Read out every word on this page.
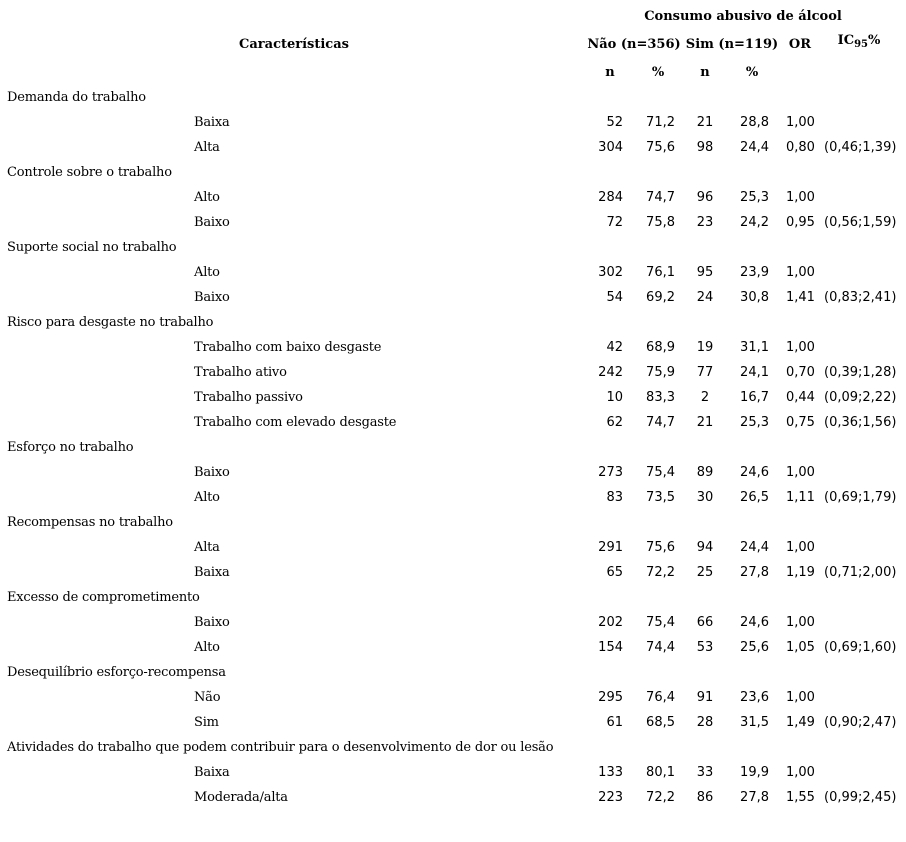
Consumo abusivo de álcool
Características	Não (n=356) Sim (n=119) OR $IC_{95}\%$
n	%	n	%
Demanda do trabalho
Baixa	52 71,2 21 28,8 1,00
Alta	304 75,6 98 24,4 0,80 (0,46;1,39)
Controle sobre o trabalho
Alto	284 74,7 96 25,3 1,00
Baixo	72 75,8 23 24,2 0,95 (0,56;1,59)
Suporte social no trabalho
Alto	302 76,1 95 23,9 1,00
Baixo	54 69,2 24 30,8 1,41 (0,83;2,41)
Risco para desgaste no trabalho
Trabalho com baixo desgaste	42 68,9 19 31,1 1,00
Trabalho ativo	242 75,9 77 24,1 0,70 (0,39;1,28)
Trabalho passivo	10 83,3 2 16,7 0,44 (0,09;2,22)
Trabalho com elevado desgaste	62 74,7 21 25,3 0,75 (0,36;1,56)
Esforço no trabalho
Baixo	273 75,4 89 24,6 1,00
Alto	83 73,5 30 26,5 1,11 (0,69;1,79)
Recompensas no trabalho
Alta	291 75,6 94 24,4 1,00
Baixa	65 72,2 25 27,8 1,19 (0,71;2,00)
Excesso de comprometimento
Baixo	202 75,4 66 24,6 1,00
Alto	154 74,4 53 25,6 1,05 (0,69;1,60)
Desequilíbrio esforço-recompensa
Não	295 76,4 91 23,6 1,00
Sim	61 68,5 28 31,5 1,49 (0,90;2,47)
Atividades do trabalho que podem contribuir para o desenvolvimento de dor ou lesão
Baixa	133 80,1 33 19,9 1,00
Moderada/alta	223 72,2 86 27,8 1,55 (0,99;2,45)
